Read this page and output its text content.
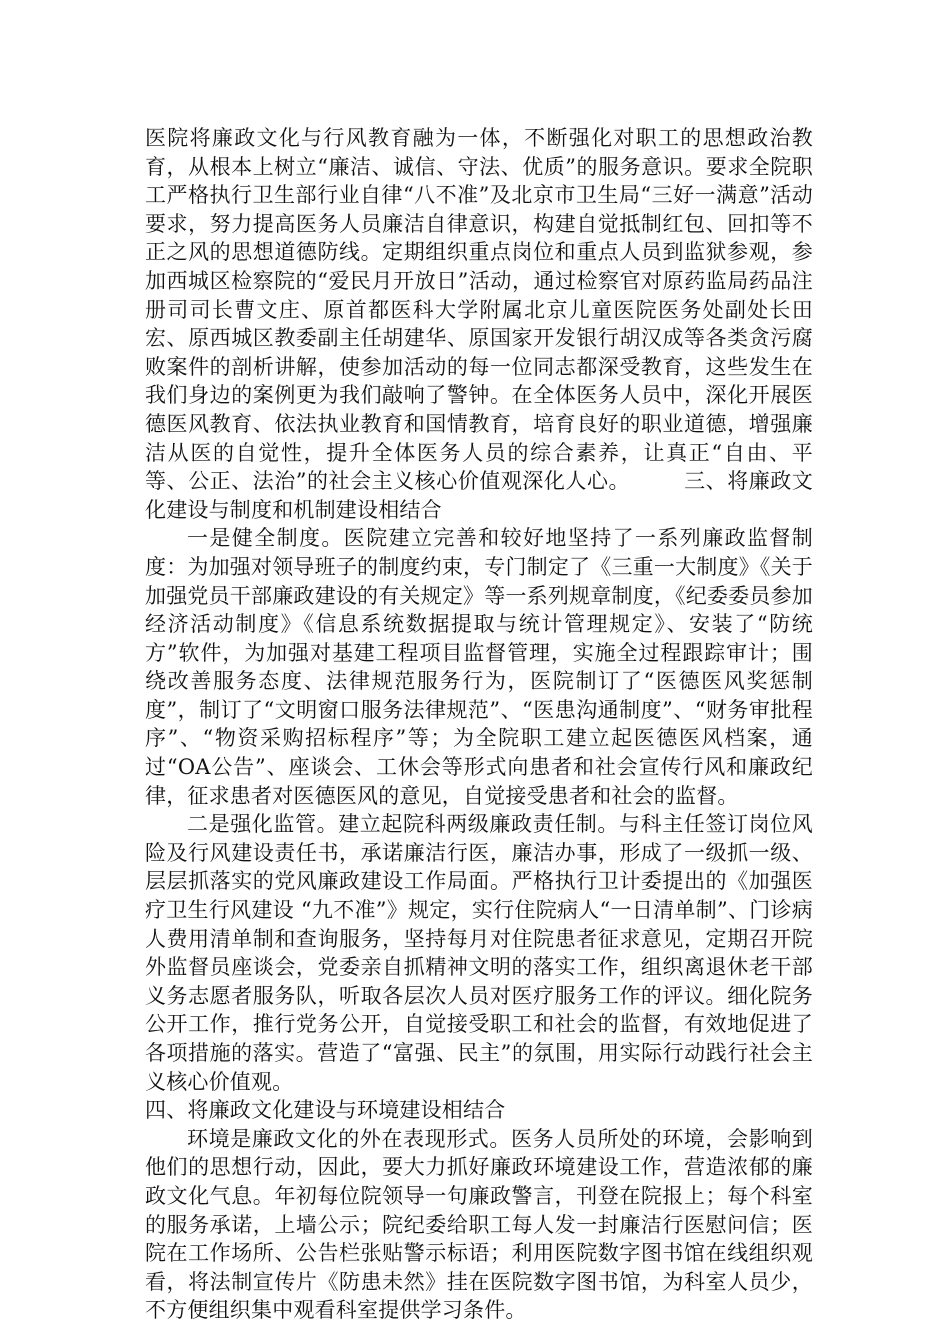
医院将廉政文化与行风教育融为一体，不断强化对职工的思想政治教育，从根本上树立“廉洁、诚信、守法、优质”的服务意识。要求全院职工严格执行卫生部行业自律“八不准”及北京市卫生局“三好一满意”活动要求，努力提高医务人员廉洁自律意识，构建自觉抵制红包、回扣等不正之风的思想道德防线。定期组织重点岗位和重点人员到监狱参观，参加西城区检察院的“爱民月开放日”活动，通过检察官对原药监局药品注册司司长曹文庄、原首都医科大学附属北京儿童医院医务处副处长田宏、原西城区教委副主任胡建华、原国家开发银行胡汉成等各类贪污腐败案件的剖析讲解，使参加活动的每一位同志都深受教育，这些发生在我们身边的案例更为我们敲响了警钟。在全体医务人员中，深化开展医德医风教育、依法执业教育和国情教育，培育良好的职业道德，增强廉洁从医的自觉性，提升全体医务人员的综合素养，让真正“自由、平等、公正、法治”的社会主义核心价值观深化人心。　　　三、将廉政文化建设与制度和机制建设相结合

一是健全制度。医院建立完善和较好地坚持了一系列廉政监督制度：为加强对领导班子的制度约束，专门制定了《三重一大制度》《关于加强党员干部廉政建设的有关规定》等一系列规章制度，《纪委委员参加经济活动制度》《信息系统数据提取与统计管理规定》、安装了“防统方”软件，为加强对基建工程项目监督管理，实施全过程跟踪审计；围绕改善服务态度、法律规范服务行为，医院制订了“医德医风奖惩制度”，制订了“文明窗口服务法律规范”、“医患沟通制度”、“财务审批程序”、“物资采购招标程序”等；为全院职工建立起医德医风档案，通过“OA公告”、座谈会、工休会等形式向患者和社会宣传行风和廉政纪律，征求患者对医德医风的意见，自觉接受患者和社会的监督。

二是强化监管。建立起院科两级廉政责任制。与科主任签订岗位风险及行风建设责任书，承诺廉洁行医，廉洁办事，形成了一级抓一级、层层抓落实的党风廉政建设工作局面。严格执行卫计委提出的《加强医疗卫生行风建设 “九不准”》规定，实行住院病人“一日清单制”、门诊病人费用清单制和查询服务，坚持每月对住院患者征求意见，定期召开院外监督员座谈会，党委亲自抓精神文明的落实工作，组织离退休老干部义务志愿者服务队，听取各层次人员对医疗服务工作的评议。细化院务公开工作，推行党务公开，自觉接受职工和社会的监督，有效地促进了各项措施的落实。营造了“富强、民主”的氛围，用实际行动践行社会主义核心价值观。

四、将廉政文化建设与环境建设相结合

环境是廉政文化的外在表现形式。医务人员所处的环境，会影响到他们的思想行动，因此，要大力抓好廉政环境建设工作，营造浓郁的廉政文化气息。年初每位院领导一句廉政警言，刊登在院报上；每个科室的服务承诺，上墙公示；院纪委给职工每人发一封廉洁行医慰问信；医院在工作场所、公告栏张贴警示标语；利用医院数字图书馆在线组织观看，将法制宣传片《防患未然》挂在医院数字图书馆，为科室人员少，不方便组织集中观看科室提供学习条件。
